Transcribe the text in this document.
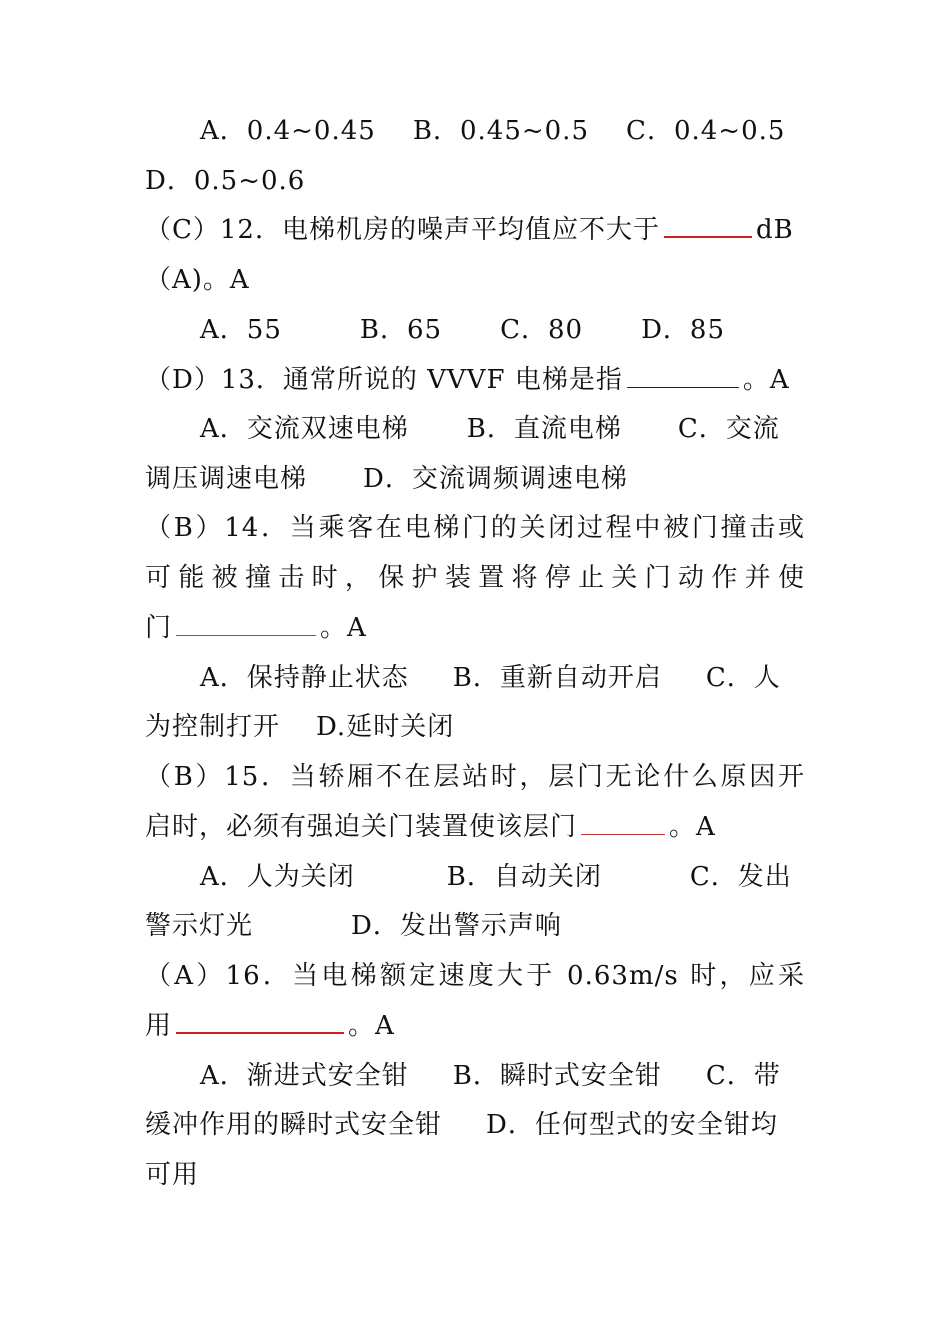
A．0.4~0.45    B．0.45~0.5    C．0.4~0.5
D．0.5~0.6
（C）12．电梯机房的噪声平均值应不大于	dB
（A)。A
A．55	B．65 C．80 D．85
（D）13．通常所说的 VVVF 电梯是指	。A
A．交流双速电梯 B．直流电梯 C．交流
调压调速电梯 D．交流调频调速电梯
（B）14．当乘客在电梯门的关闭过程中被门撞击或
可能被撞击时，保护装置将停止关门动作并使
门	。A
A．保持静止状态 B．重新自动开启 C．人
为控制打开 D.延时关闭
（B）15．当轿厢不在层站时，层门无论什么原因开
启时，必须有强迫关门装置使该层门	。A
A．人为关闭	B．自动关闭	C．发出
警示灯光	D．发出警示声响
（A）16．当电梯额定速度大于 0.63m/s 时，应采
用	。A
A．渐进式安全钳 B．瞬时式安全钳 C．带
缓冲作用的瞬时式安全钳 D．任何型式的安全钳均
可用
